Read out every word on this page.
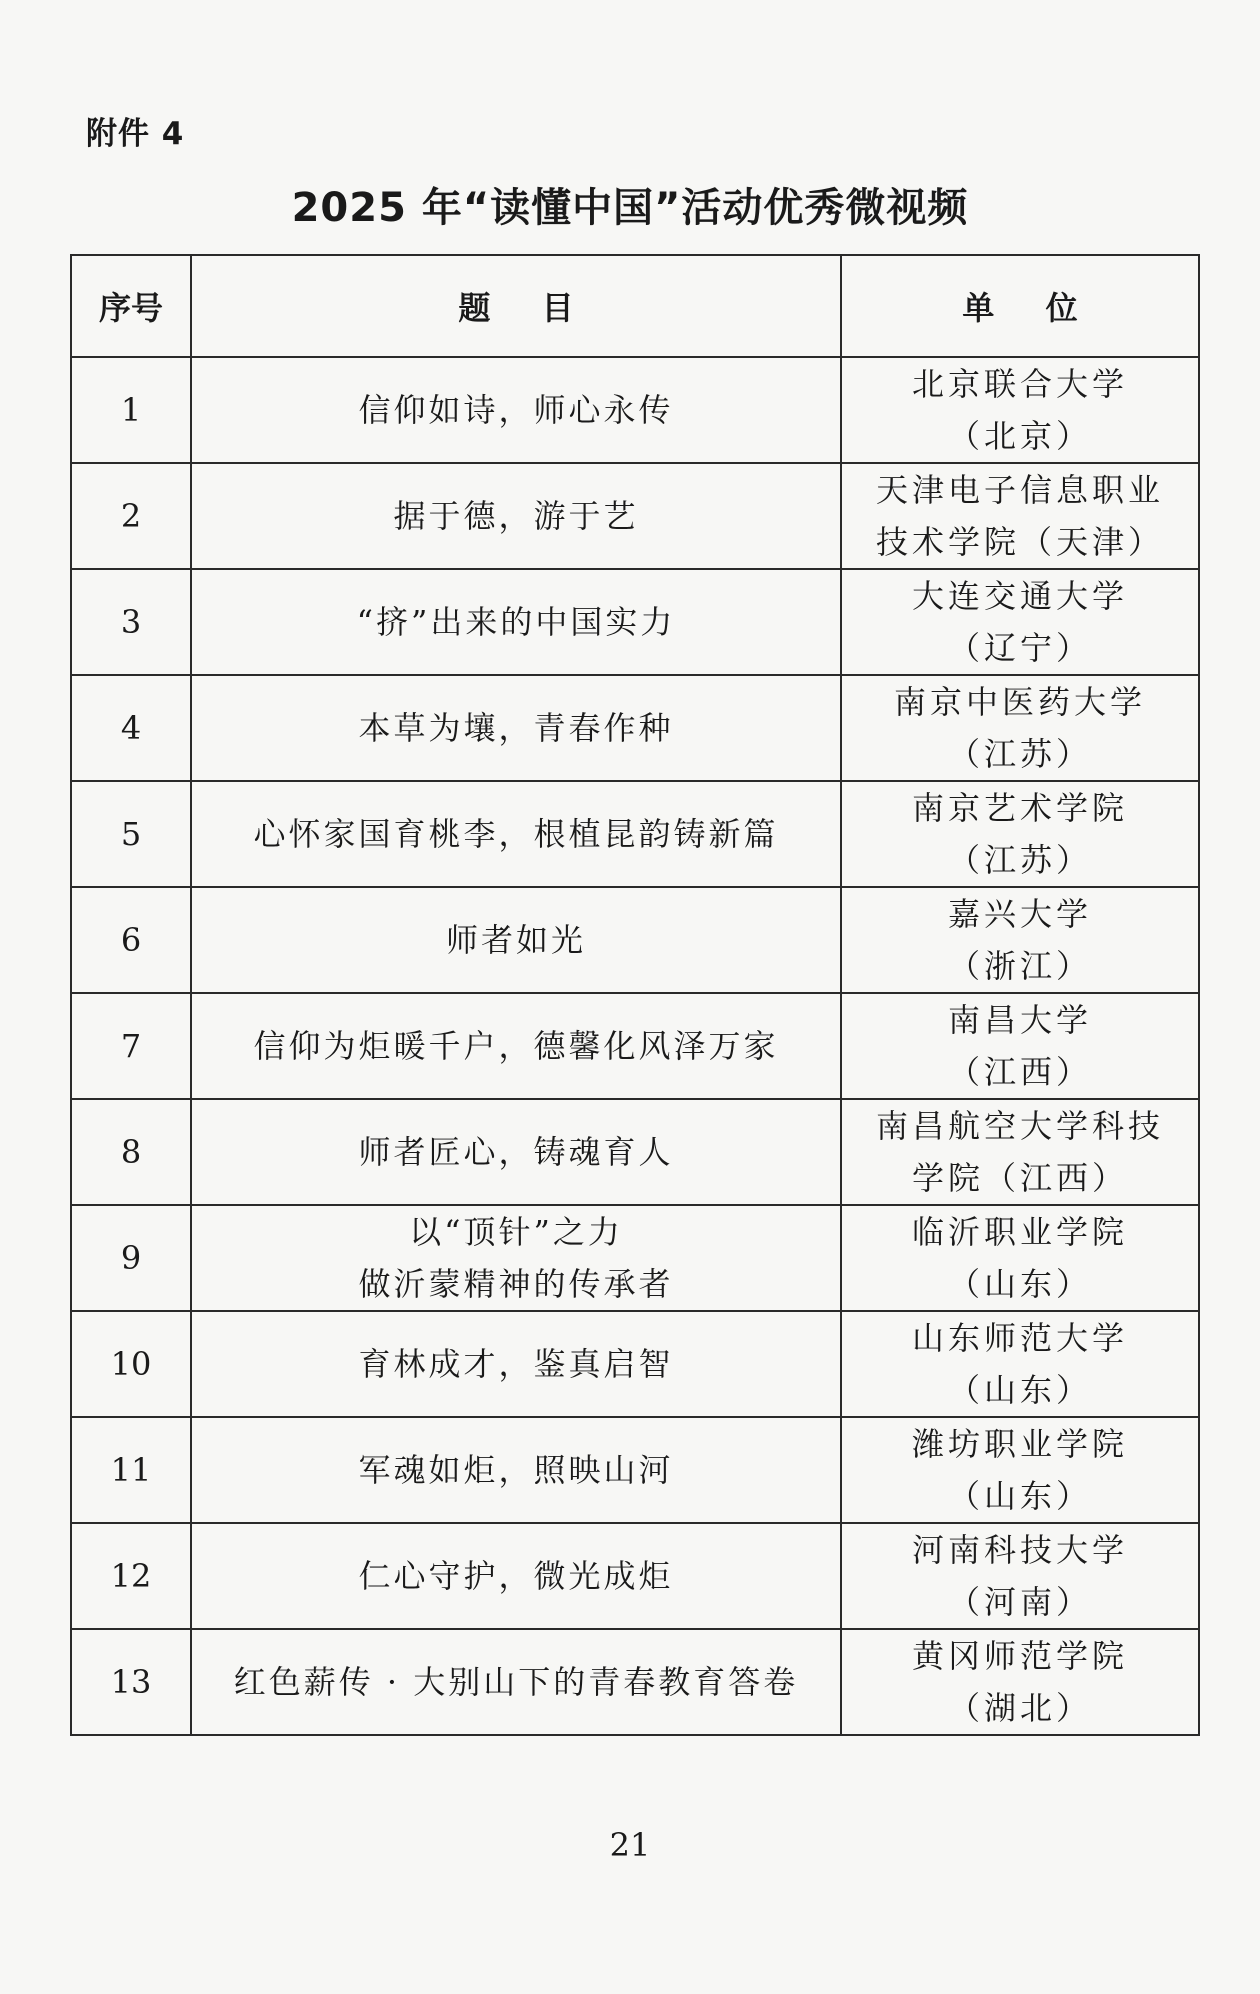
附件 4
2025 年“读懂中国”活动优秀微视频
序号	题 目	单 位
1	信仰如诗，师心永传	北京联合大学
（北京）
2	据于德，游于艺	天津电子信息职业
技术学院（天津）
3	“挤”出来的中国实力	大连交通大学
（辽宁）
4	本草为壤，青春作种	南京中医药大学
（江苏）
5	心怀家国育桃李，根植昆韵铸新篇	南京艺术学院
（江苏）
6	师者如光	嘉兴大学
（浙江）
7	信仰为炬暖千户，德馨化风泽万家	南昌大学
（江西）
8	师者匠心，铸魂育人	南昌航空大学科技
学院（江西）
9	以“顶针”之力
做沂蒙精神的传承者	临沂职业学院
（山东）
10	育林成才，鉴真启智	山东师范大学
（山东）
11	军魂如炬，照映山河	潍坊职业学院
（山东）
12	仁心守护，微光成炬	河南科技大学
（河南）
13	红色薪传 · 大别山下的青春教育答卷	黄冈师范学院
（湖北）
21
